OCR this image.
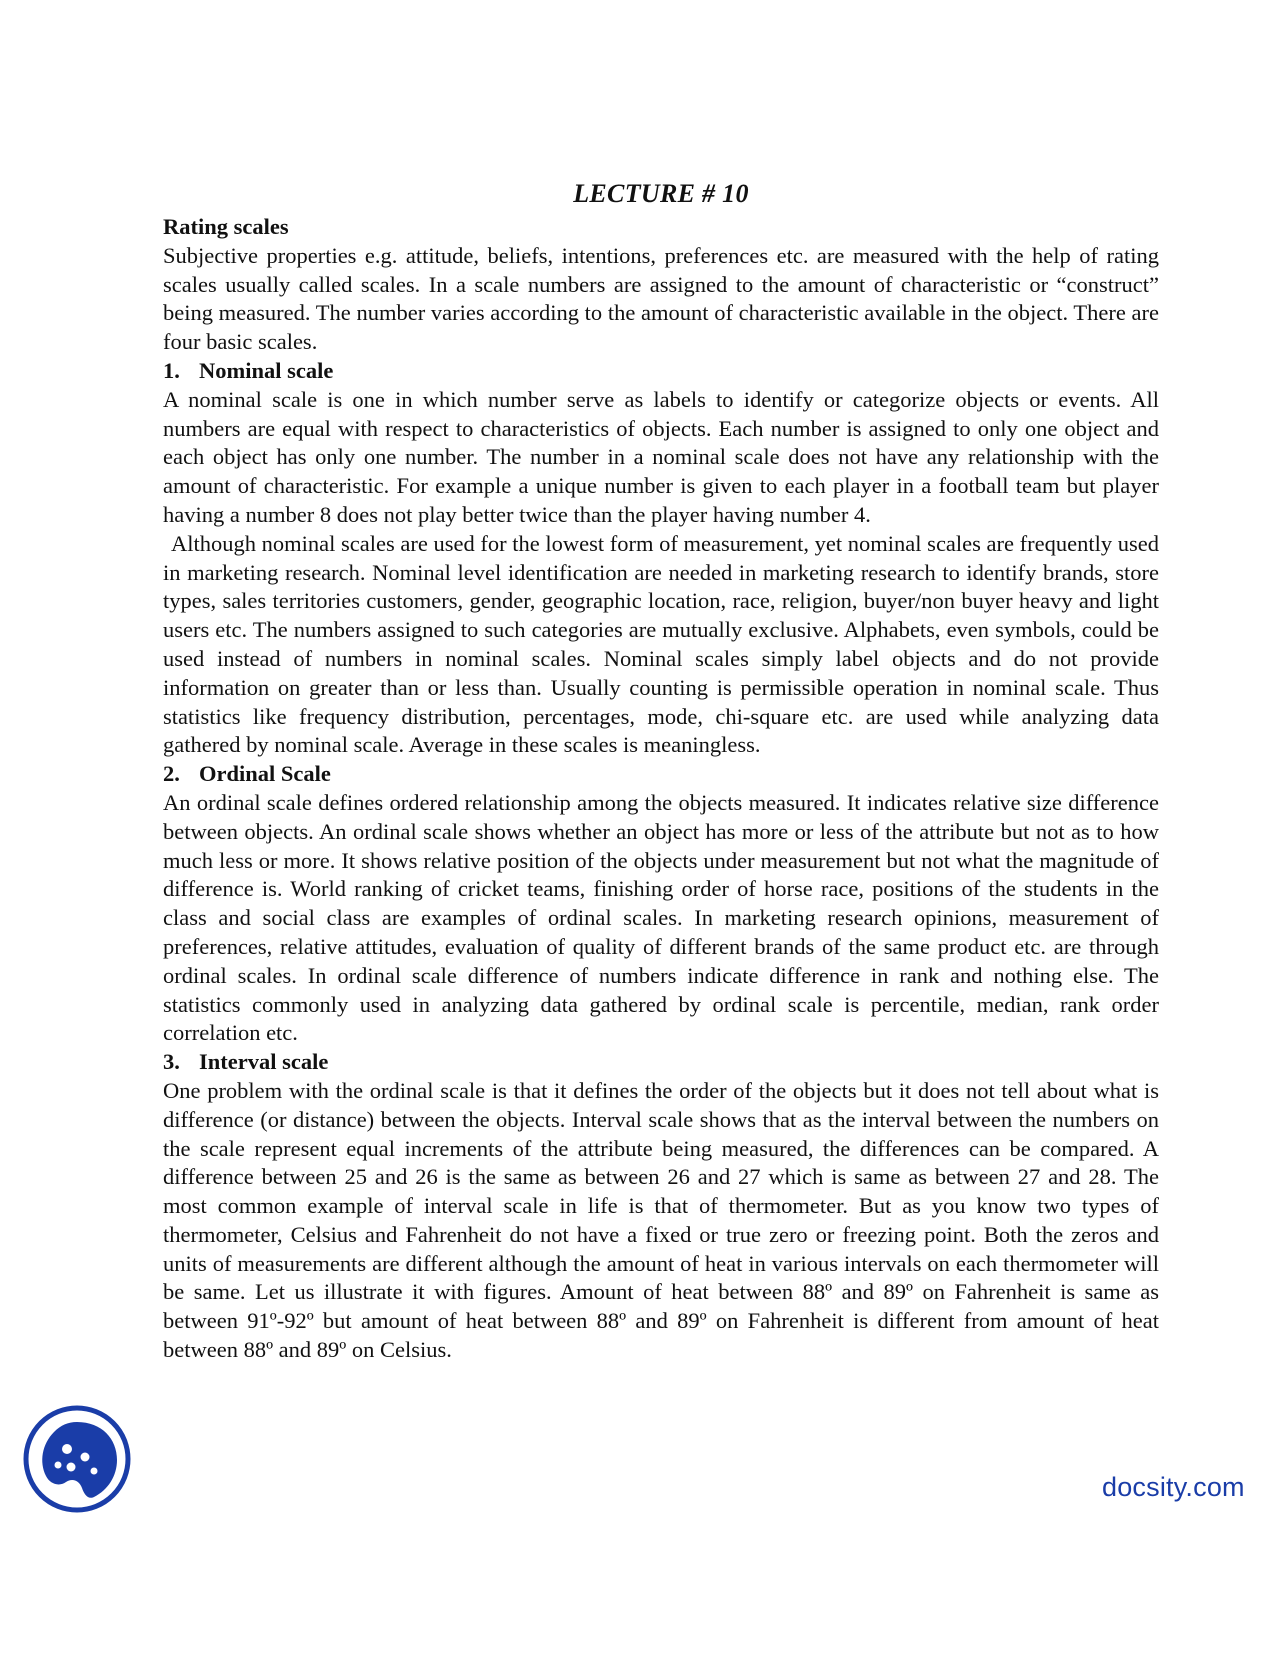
LECTURE # 10
Rating scales

Subjective properties e.g. attitude, beliefs, intentions, preferences etc. are measured with the help of rating scales usually called scales. In a scale numbers are assigned to the amount of characteristic or “construct” being measured. The number varies according to the amount of characteristic available in the object. There are four basic scales.

1. Nominal scale

A nominal scale is one in which number serve as labels to identify or categorize objects or events. All numbers are equal with respect to characteristics of objects. Each number is assigned to only one object and each object has only one number. The number in a nominal scale does not have any relationship with the amount of characteristic. For example a unique number is given to each player in a football team but player having a number 8 does not play better twice than the player having number 4.

Although nominal scales are used for the lowest form of measurement, yet nominal scales are frequently used in marketing research. Nominal level identification are needed in marketing research to identify brands, store types, sales territories customers, gender, geographic location, race, religion, buyer/non buyer heavy and light users etc. The numbers assigned to such categories are mutually exclusive. Alphabets, even symbols, could be used instead of numbers in nominal scales. Nominal scales simply label objects and do not provide information on greater than or less than. Usually counting is permissible operation in nominal scale. Thus statistics like frequency distribution, percentages, mode, chi-square etc. are used while analyzing data gathered by nominal scale. Average in these scales is meaningless.

2. Ordinal Scale

An ordinal scale defines ordered relationship among the objects measured. It indicates relative size difference between objects. An ordinal scale shows whether an object has more or less of the attribute but not as to how much less or more. It shows relative position of the objects under measurement but not what the magnitude of difference is. World ranking of cricket teams, finishing order of horse race, positions of the students in the class and social class are examples of ordinal scales. In marketing research opinions, measurement of preferences, relative attitudes, evaluation of quality of different brands of the same product etc. are through ordinal scales. In ordinal scale difference of numbers indicate difference in rank and nothing else. The statistics commonly used in analyzing data gathered by ordinal scale is percentile, median, rank order correlation etc.

3. Interval scale

One problem with the ordinal scale is that it defines the order of the objects but it does not tell about what is difference (or distance) between the objects. Interval scale shows that as the interval between the numbers on the scale represent equal increments of the attribute being measured, the differences can be compared. A difference between 25 and 26 is the same as between 26 and 27 which is same as between 27 and 28. The most common example of interval scale in life is that of thermometer. But as you know two types of thermometer, Celsius and Fahrenheit do not have a fixed or true zero or freezing point. Both the zeros and units of measurements are different although the amount of heat in various intervals on each thermometer will be same. Let us illustrate it with figures. Amount of heat between 88º and 89º on Fahrenheit is same as between 91º-92º but amount of heat between 88º and 89º on Fahrenheit is different from amount of heat between 88º and 89º on Celsius.

docsity.com
